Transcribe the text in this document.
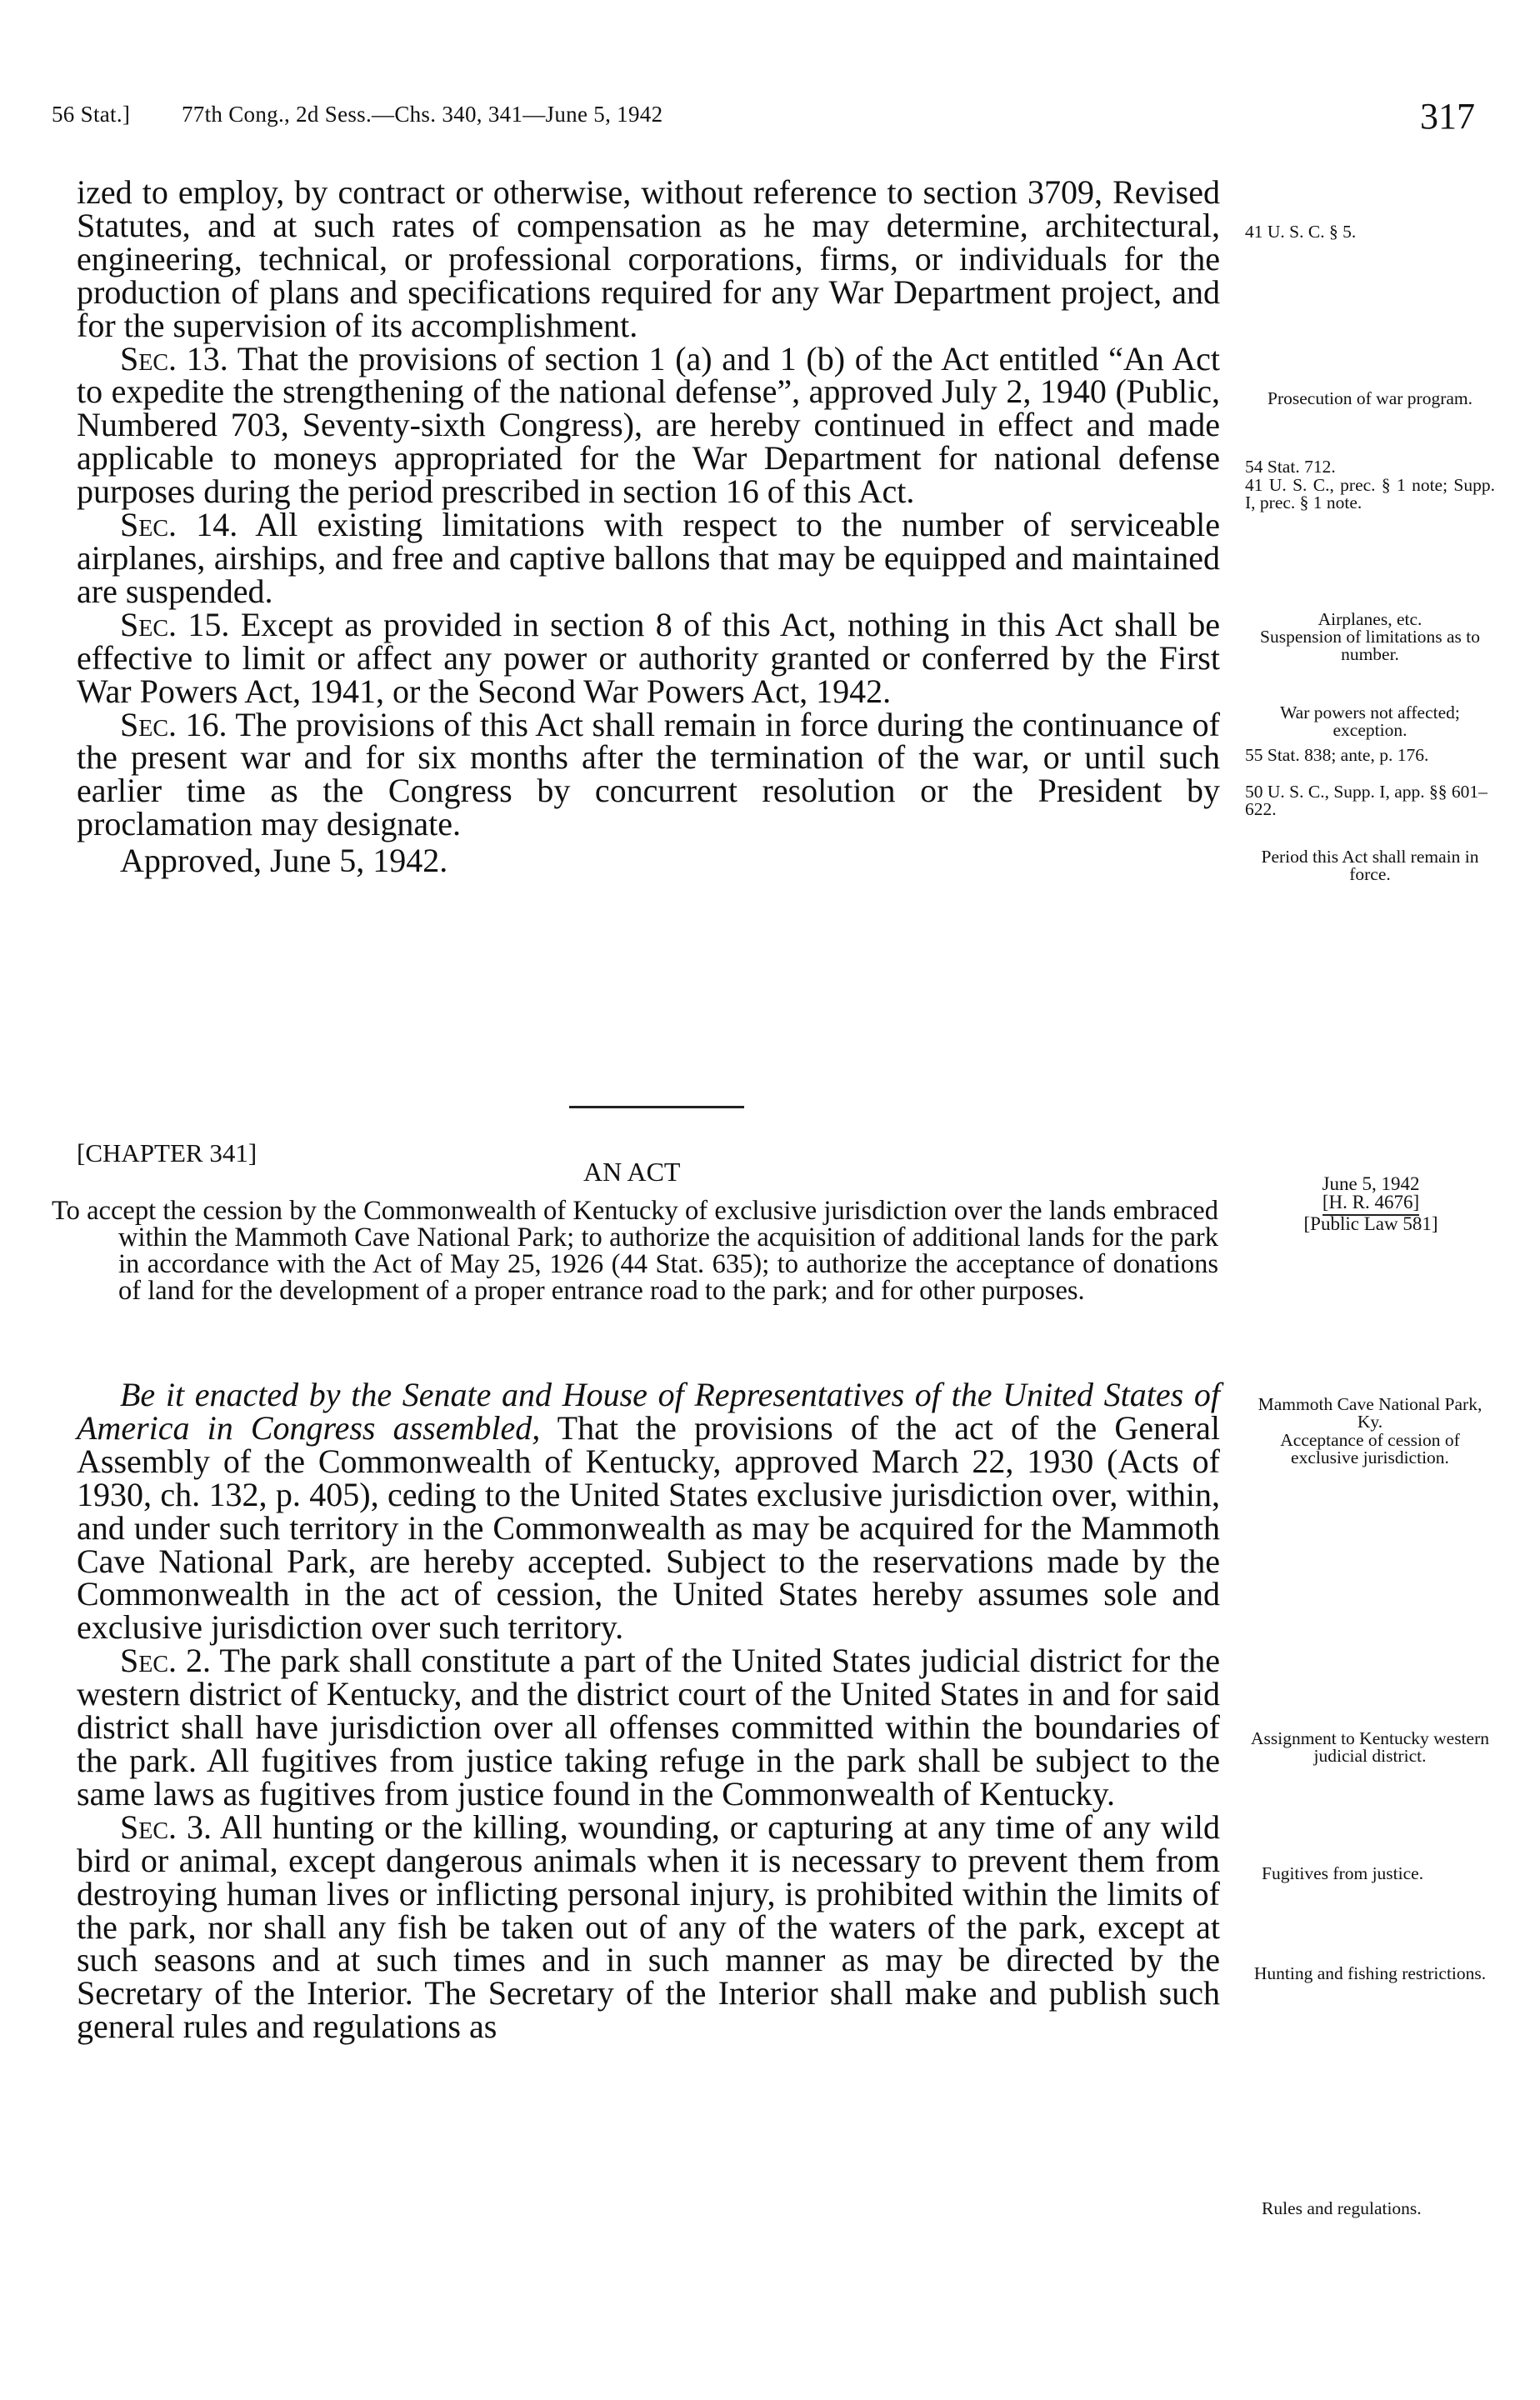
56 Stat.] 77th Cong., 2d Sess.—Chs. 340, 341—June 5, 1942	317

ized to employ, by contract or otherwise, without reference to section 3709, Revised Statutes, and at such rates of compensation as he may determine, architectural, engineering, technical, or professional corporations, firms, or individuals for the production of plans and specifications required for any War Department project, and for the supervision of its accomplishment.

Sec. 13. That the provisions of section 1 (a) and 1 (b) of the Act entitled “An Act to expedite the strengthening of the national defense”, approved July 2, 1940 (Public, Numbered 703, Seventy-sixth Congress), are hereby continued in effect and made applicable to moneys appropriated for the War Department for national defense purposes during the period prescribed in section 16 of this Act.

Sec. 14. All existing limitations with respect to the number of serviceable airplanes, airships, and free and captive ballons that may be equipped and maintained are suspended.

Sec. 15. Except as provided in section 8 of this Act, nothing in this Act shall be effective to limit or affect any power or authority granted or conferred by the First War Powers Act, 1941, or the Second War Powers Act, 1942.

Sec. 16. The provisions of this Act shall remain in force during the continuance of the present war and for six months after the termination of the war, or until such earlier time as the Congress by concurrent resolution or the President by proclamation may designate.

Approved, June 5, 1942.

[CHAPTER 341]
AN ACT

To accept the cession by the Commonwealth of Kentucky of exclusive jurisdiction over the lands embraced within the Mammoth Cave National Park; to authorize the acquisition of additional lands for the park in accordance with the Act of May 25, 1926 (44 Stat. 635); to authorize the acceptance of donations of land for the development of a proper entrance road to the park; and for other purposes.

June 5, 1942
[H. R. 4676]
[Public Law 581]

Be it enacted by the Senate and House of Representatives of the United States of America in Congress assembled, That the provisions of the act of the General Assembly of the Commonwealth of Kentucky, approved March 22, 1930 (Acts of 1930, ch. 132, p. 405), ceding to the United States exclusive jurisdiction over, within, and under such territory in the Commonwealth as may be acquired for the Mammoth Cave National Park, are hereby accepted. Subject to the reservations made by the Commonwealth in the act of cession, the United States hereby assumes sole and exclusive jurisdiction over such territory.

Sec. 2. The park shall constitute a part of the United States judicial district for the western district of Kentucky, and the district court of the United States in and for said district shall have jurisdiction over all offenses committed within the boundaries of the park. All fugitives from justice taking refuge in the park shall be subject to the same laws as fugitives from justice found in the Commonwealth of Kentucky.

Sec. 3. All hunting or the killing, wounding, or capturing at any time of any wild bird or animal, except dangerous animals when it is necessary to prevent them from destroying human lives or inflicting personal injury, is prohibited within the limits of the park, nor shall any fish be taken out of any of the waters of the park, except at such seasons and at such times and in such manner as may be directed by the Secretary of the Interior. The Secretary of the Interior shall make and publish such general rules and regulations as

41 U. S. C. § 5.

Prosecution of war program.

54 Stat. 712.

41 U. S. C., prec. § 1 note; Supp. I, prec. § 1 note.

Airplanes, etc.

Suspension of limitations as to number.

War powers not affected; exception.

55 Stat. 838; ante, p. 176.

50 U. S. C., Supp. I, app. §§ 601–622.

Period this Act shall remain in force.

Mammoth Cave National Park, Ky.

Acceptance of cession of exclusive jurisdiction.

Assignment to Kentucky western judicial district.

Fugitives from justice.

Hunting and fishing restrictions.

Rules and regulations.
